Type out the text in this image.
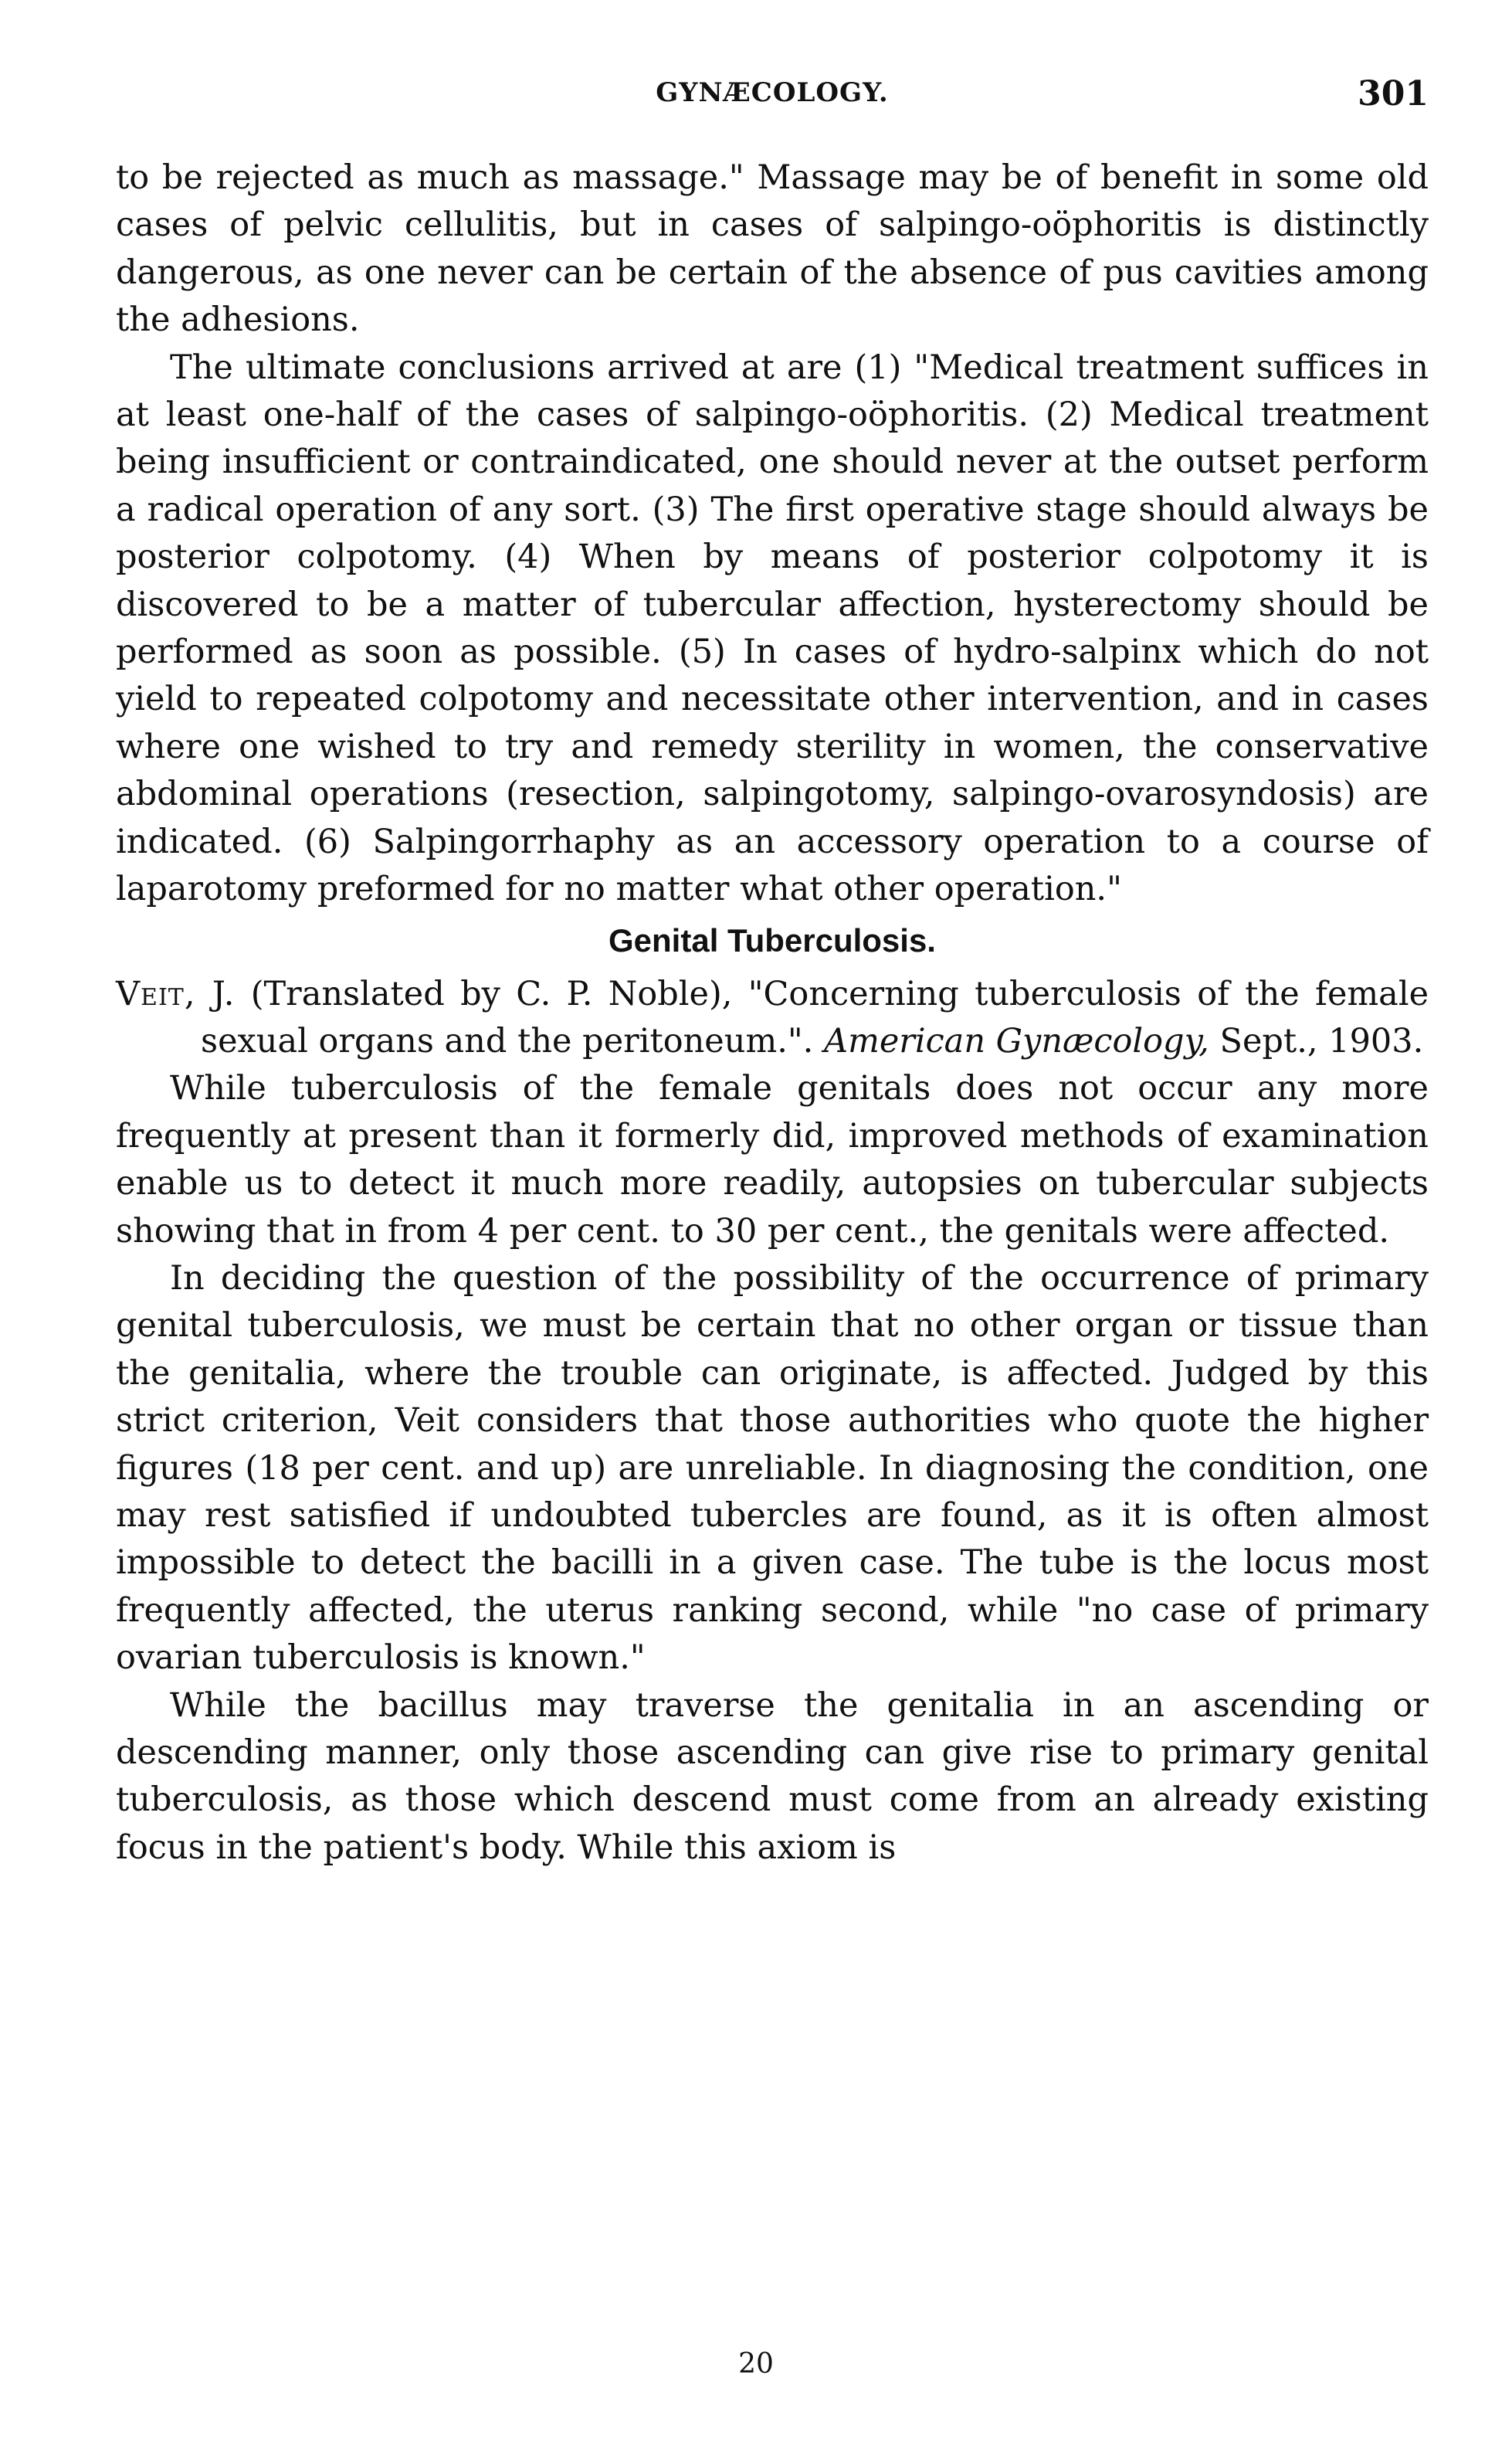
GYNÆCOLOGY.	301

to be rejected as much as massage." Massage may be of benefit in some old cases of pelvic cellulitis, but in cases of salpingo-oöphoritis is distinctly dangerous, as one never can be certain of the absence of pus cavities among the adhesions.

The ultimate conclusions arrived at are (1) "Medical treatment suffices in at least one-half of the cases of salpingo-oöphoritis. (2) Medical treatment being insufficient or contraindicated, one should never at the outset perform a radical operation of any sort. (3) The first operative stage should always be posterior colpotomy. (4) When by means of posterior colpotomy it is discovered to be a matter of tubercular affection, hysterectomy should be performed as soon as possible. (5) In cases of hydro-salpinx which do not yield to repeated colpotomy and necessitate other intervention, and in cases where one wished to try and remedy sterility in women, the conservative abdominal operations (resection, salpingotomy, salpingo-ovarosyndosis) are indicated. (6) Salpingorrhaphy as an accessory operation to a course of laparotomy preformed for no matter what other operation."

Genital Tuberculosis.

Veit, J. (Translated by C. P. Noble), "Concerning tuberculosis of the female sexual organs and the peritoneum.". American Gynæcology, Sept., 1903.

While tuberculosis of the female genitals does not occur any more frequently at present than it formerly did, improved methods of examination enable us to detect it much more readily, autopsies on tubercular subjects showing that in from 4 per cent. to 30 per cent., the genitals were affected.

In deciding the question of the possibility of the occurrence of primary genital tuberculosis, we must be certain that no other organ or tissue than the genitalia, where the trouble can originate, is affected. Judged by this strict criterion, Veit considers that those authorities who quote the higher figures (18 per cent. and up) are unreliable. In diagnosing the condition, one may rest satisfied if undoubted tubercles are found, as it is often almost impossible to detect the bacilli in a given case. The tube is the locus most frequently affected, the uterus ranking second, while "no case of primary ovarian tuberculosis is known."

While the bacillus may traverse the genitalia in an ascending or descending manner, only those ascending can give rise to primary genital tuberculosis, as those which descend must come from an already existing focus in the patient's body. While this axiom is

20
